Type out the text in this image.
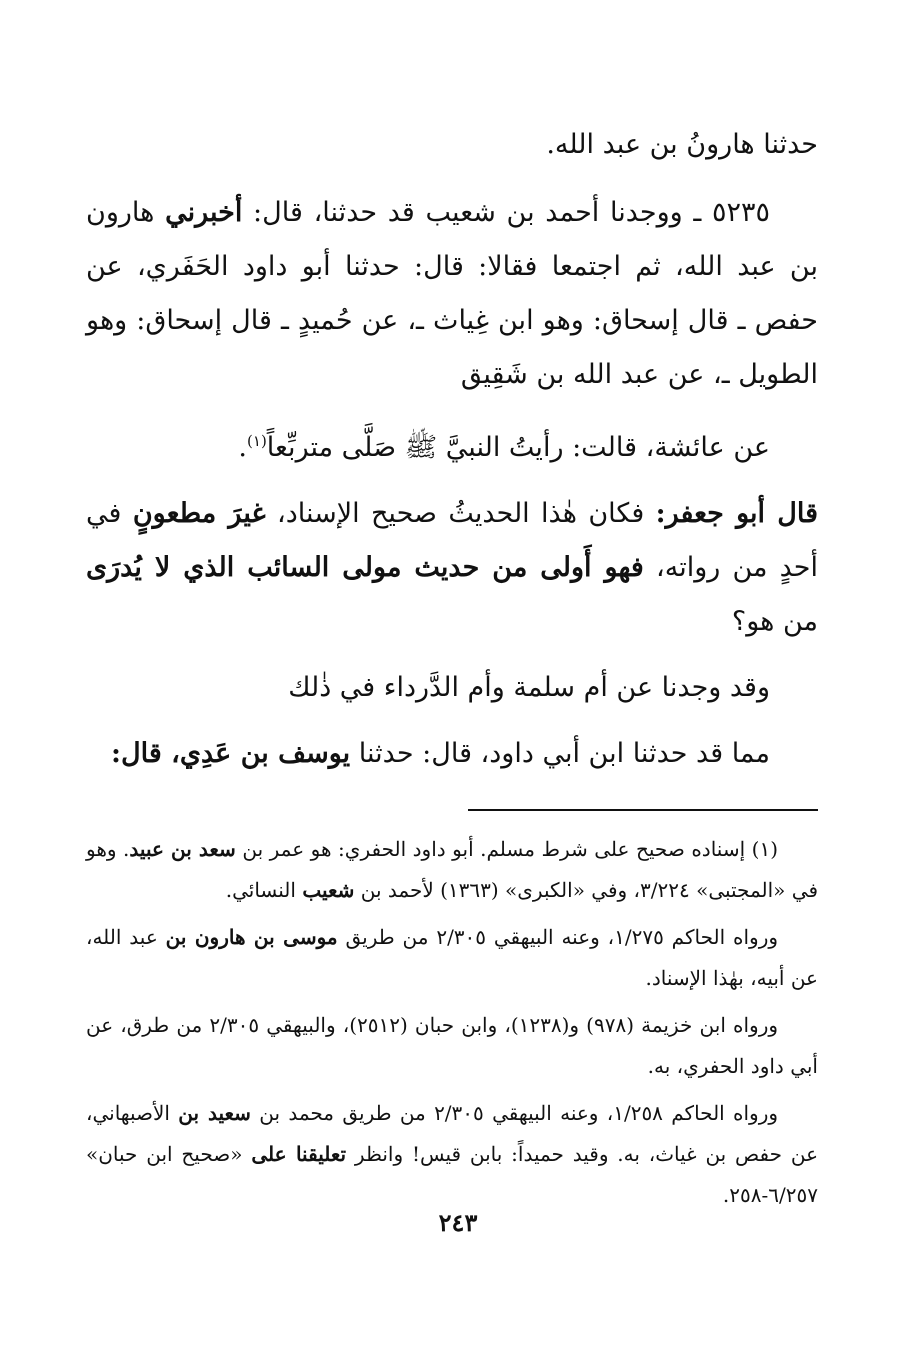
حدثنا هارونُ بن عبد الله.

٥٢٣٥ ـ ووجدنا أحمد بن شعيب قد حدثنا، قال: أخبرني هارون بن عبد الله، ثم اجتمعا فقالا: قال: حدثنا أبو داود الحَفَري، عن حفص ـ قال إسحاق: وهو ابن غِياث ـ، عن حُميدٍ ـ قال إسحاق: وهو الطويل ـ، عن عبد الله بن شَقِيق

عن عائشة، قالت: رأيتُ النبيَّ ﷺ صَلَّى متربِّعاً$^{(١)}$.

قال أبو جعفر: فكان هٰذا الحديثُ صحيح الإسناد، غيرَ مطعونٍ في أحدٍ من رواته، فهو أَولى من حديث مولى السائب الذي لا يُدرَى من هو؟

وقد وجدنا عن أم سلمة وأم الدَّرداء في ذٰلك

مما قد حدثنا ابن أبي داود، قال: حدثنا يوسف بن عَدِي، قال:

(١) إسناده صحيح على شرط مسلم. أبو داود الحفري: هو عمر بن سعد بن عبيد. وهو في «المجتبى» ٣/٢٢٤، وفي «الكبرى» (١٣٦٣) لأحمد بن شعيب النسائي.

ورواه الحاكم ١/٢٧٥، وعنه البيهقي ٢/٣٠٥ من طريق موسى بن هارون بن عبد الله، عن أبيه، بهٰذا الإسناد.

ورواه ابن خزيمة (٩٧٨) و(١٢٣٨)، وابن حبان (٢٥١٢)، والبيهقي ٢/٣٠٥ من طرق، عن أبي داود الحفري، به.

ورواه الحاكم ١/٢٥٨، وعنه البيهقي ٢/٣٠٥ من طريق محمد بن سعيد بن الأصبهاني، عن حفص بن غياث، به. وقيد حميداً: بابن قيس! وانظر تعليقنا على «صحيح ابن حبان» ٦/٢٥٧-٢٥٨.

٢٤٣
